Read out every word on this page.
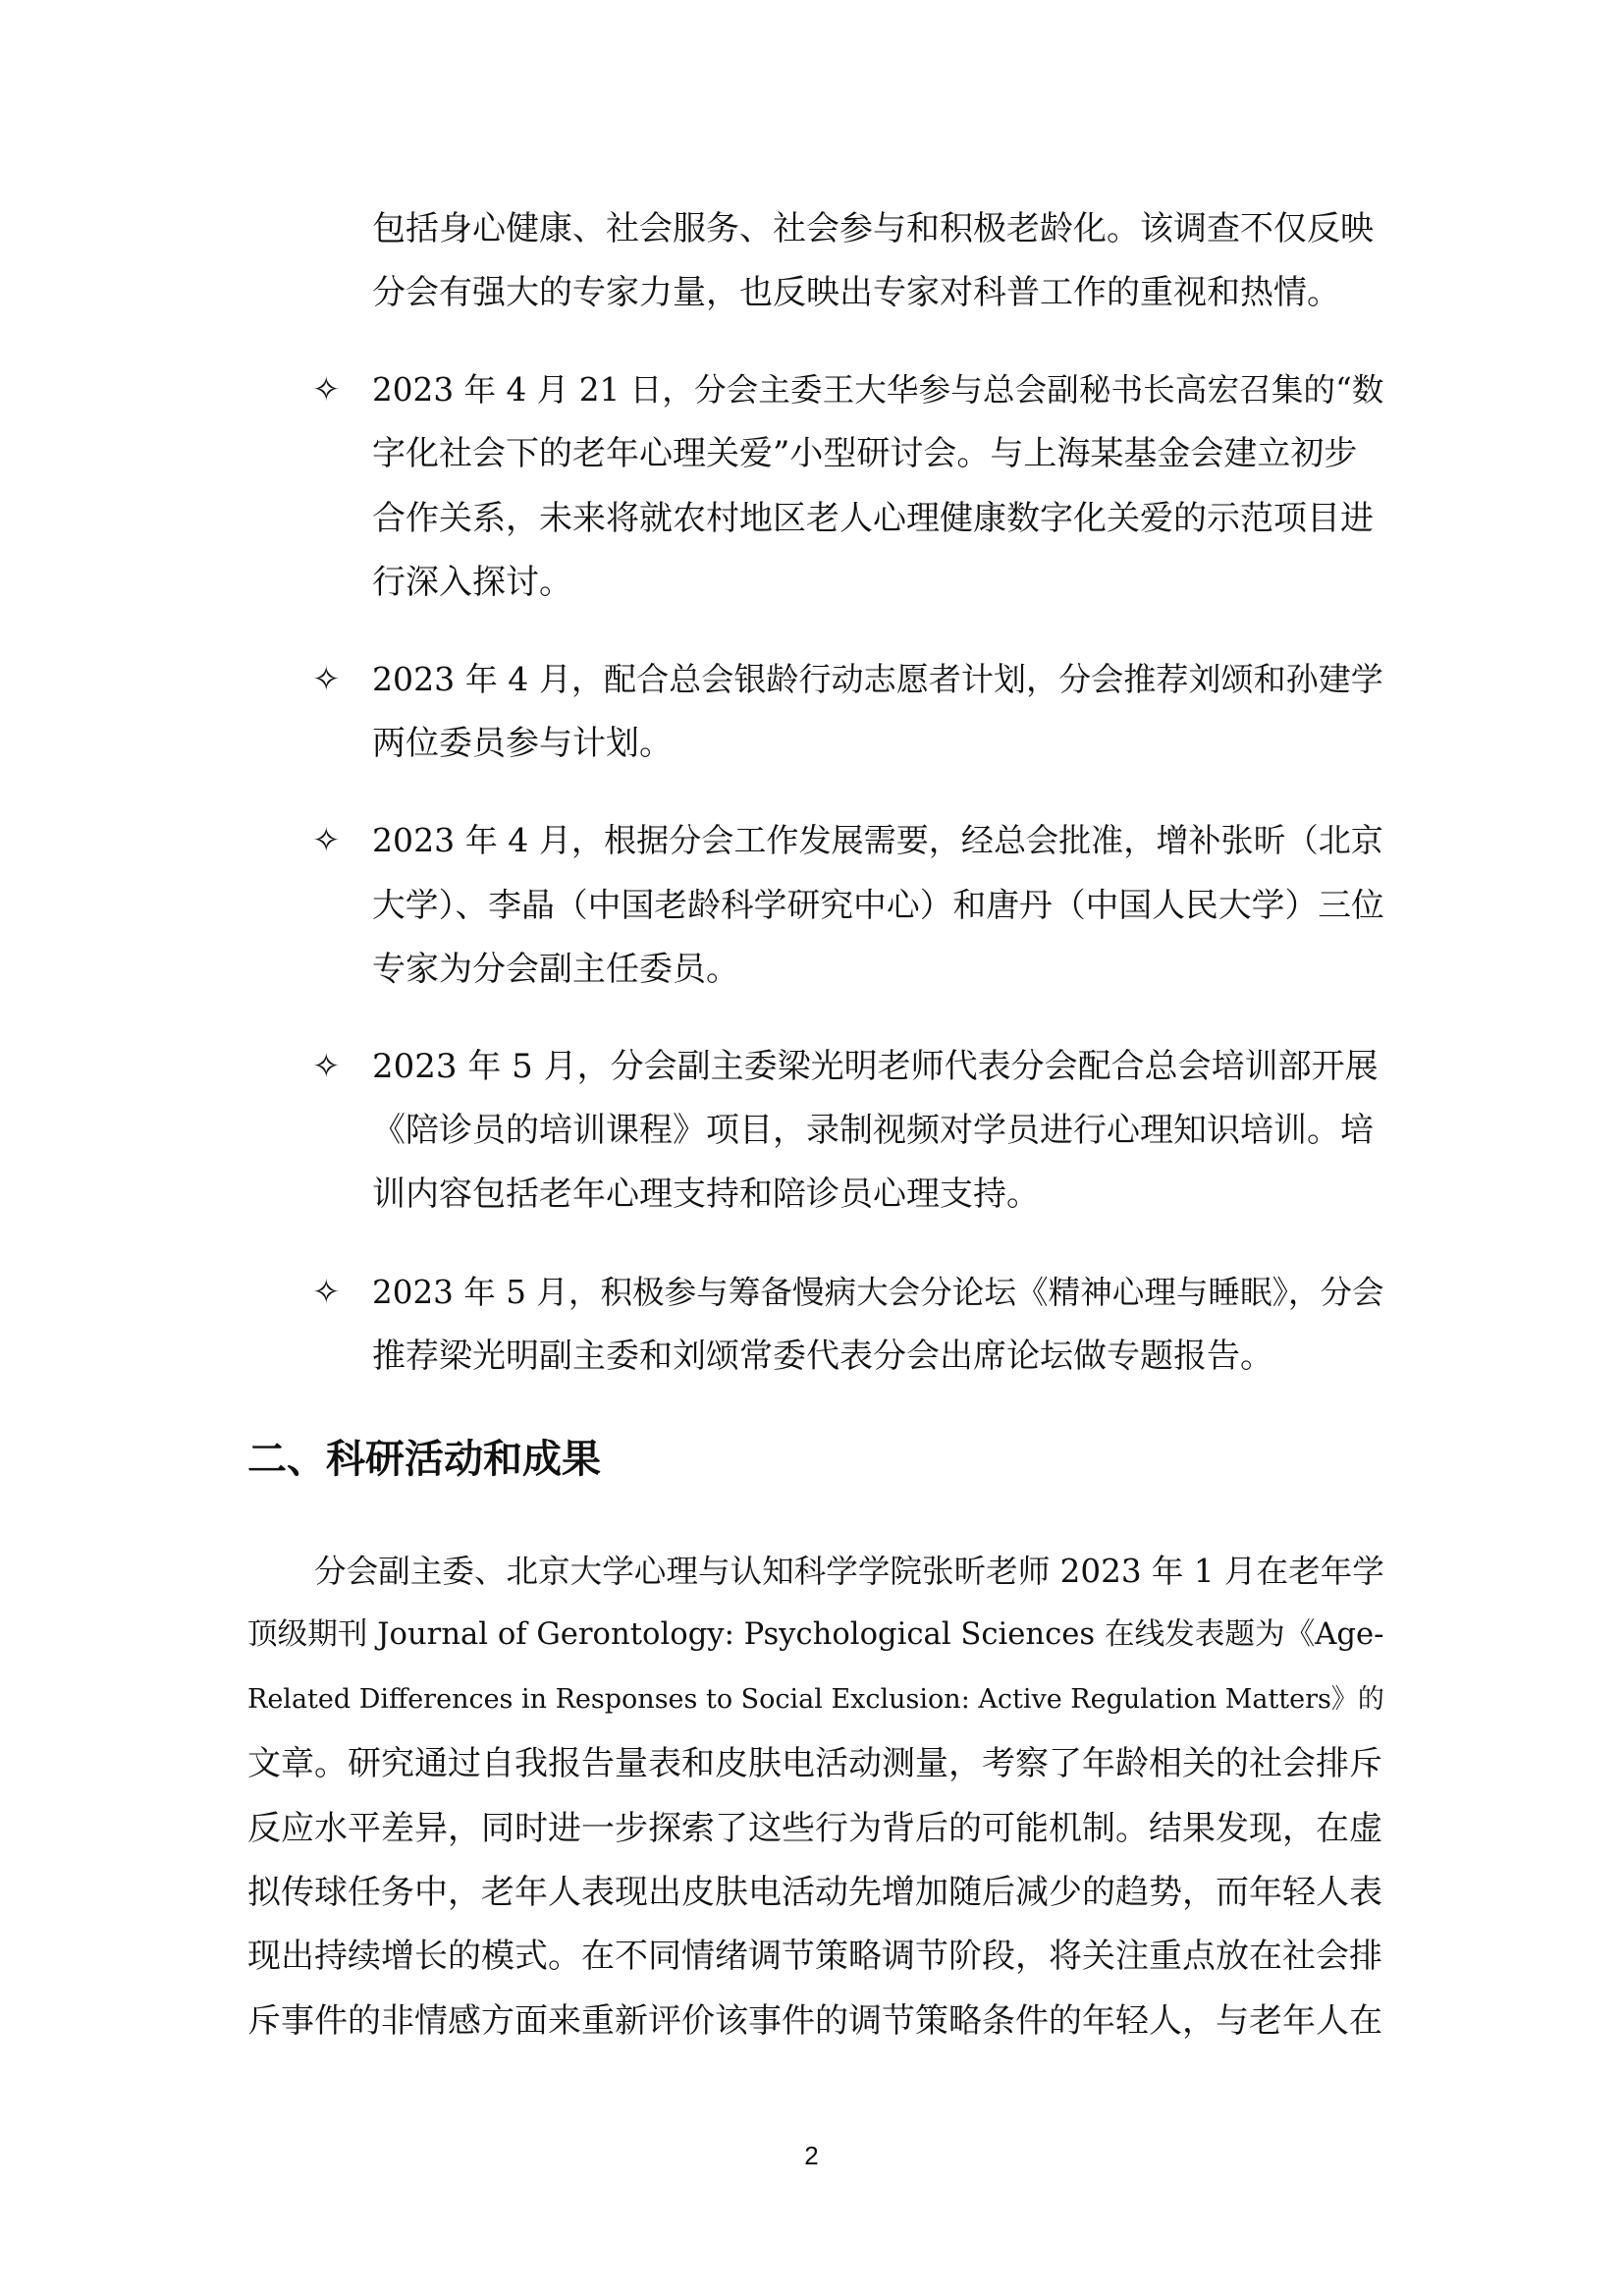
包括身心健康、社会服务、社会参与和积极老龄化。该调查不仅反映
分会有强大的专家力量，也反映出专家对科普工作的重视和热情。
✧ 2023 年 4 月 21 日，分会主委王大华参与总会副秘书长高宏召集的“数
字化社会下的老年心理关爱”小型研讨会。与上海某基金会建立初步
合作关系，未来将就农村地区老人心理健康数字化关爱的示范项目进
行深入探讨。
✧ 2023 年 4 月，配合总会银龄行动志愿者计划，分会推荐刘颂和孙建学
两位委员参与计划。
✧ 2023 年 4 月，根据分会工作发展需要，经总会批准，增补张昕（北京
大学）、李晶（中国老龄科学研究中心）和唐丹（中国人民大学）三位
专家为分会副主任委员。
✧ 2023 年 5 月，分会副主委梁光明老师代表分会配合总会培训部开展
《陪诊员的培训课程》项目，录制视频对学员进行心理知识培训。培
训内容包括老年心理支持和陪诊员心理支持。
✧ 2023 年 5 月，积极参与筹备慢病大会分论坛《精神心理与睡眠》，分会
推荐梁光明副主委和刘颂常委代表分会出席论坛做专题报告。
二、科研活动和成果
分会副主委、北京大学心理与认知科学学院张昕老师 2023 年 1 月在老年学
顶级期刊 Journal of Gerontology: Psychological Sciences 在线发表题为《Age-
Related Differences in Responses to Social Exclusion: Active Regulation Matters》的
文章。研究通过自我报告量表和皮肤电活动测量，考察了年龄相关的社会排斥
反应水平差异，同时进一步探索了这些行为背后的可能机制。结果发现，在虚
拟传球任务中，老年人表现出皮肤电活动先增加随后减少的趋势，而年轻人表
现出持续增长的模式。在不同情绪调节策略调节阶段，将关注重点放在社会排
斥事件的非情感方面来重新评价该事件的调节策略条件的年轻人，与老年人在
2
